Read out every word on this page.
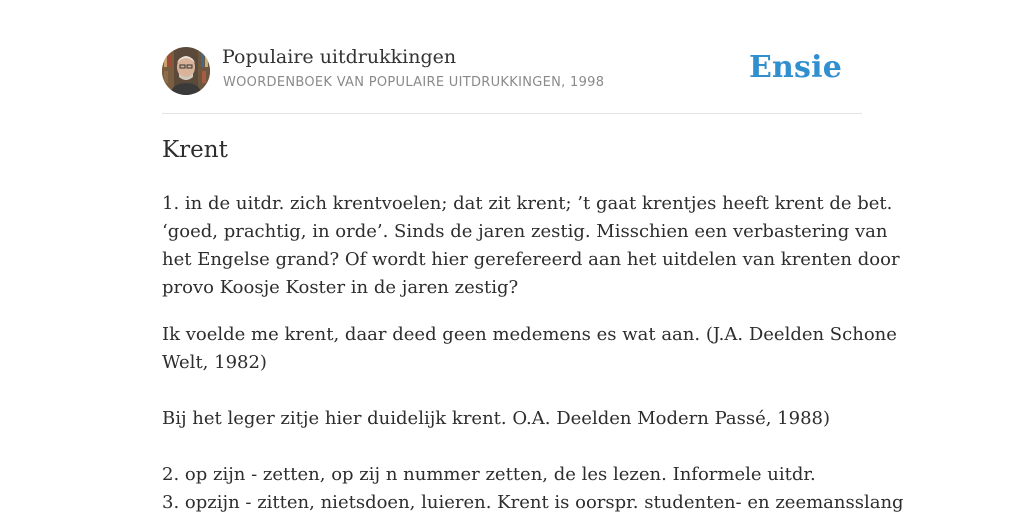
Populaire uitdrukkingen
WOORDENBOEK VAN POPULAIRE UITDRUKKINGEN, 1998	Ensie
Krent

1. in de uitdr. zich krentvoelen; dat zit krent; ’t gaat krentjes heeft krent de bet.
‘goed, prachtig, in orde’. Sinds de jaren zestig. Misschien een verbastering van
het Engelse grand? Of wordt hier gerefereerd aan het uitdelen van krenten door
provo Koosje Koster in de jaren zestig?

Ik voelde me krent, daar deed geen medemens es wat aan. (J.A. Deelden Schone
Welt, 1982)
Bij het leger zitje hier duidelijk krent. O.A. Deelden Modern Passé, 1988)
2. op zijn - zetten, op zij n nummer zetten, de les lezen. Informele uitdr.
3. opzijn - zitten, nietsdoen, luieren. Krent is oorspr. studenten- en zeemansslang
